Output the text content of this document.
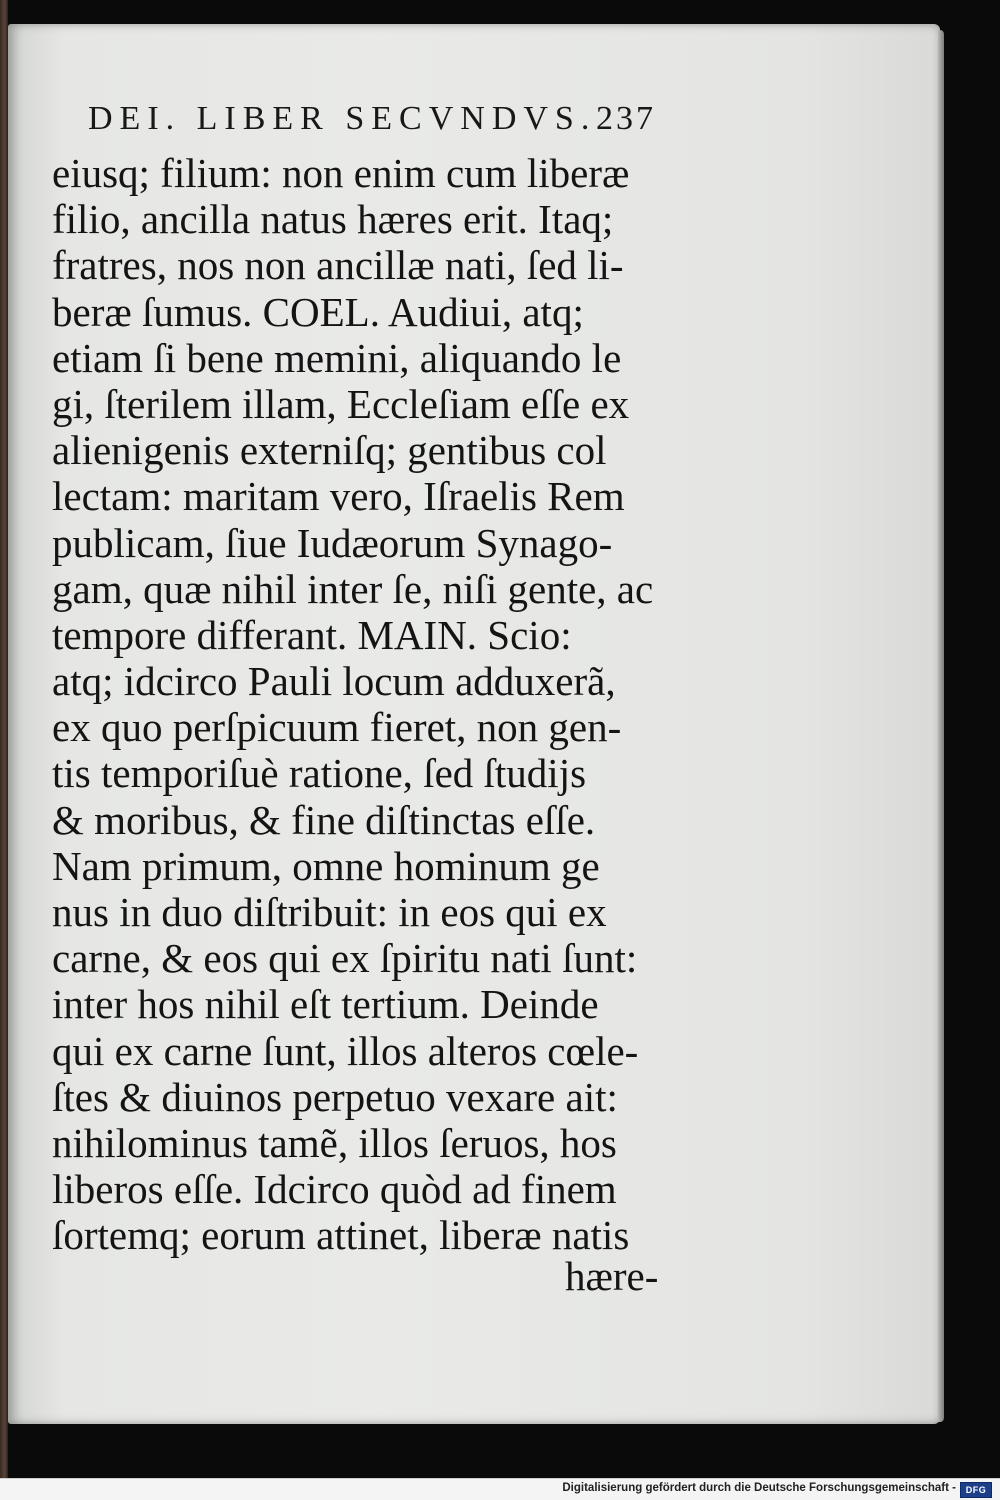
DEI. LIBER SECVNDVS. 237
eiusq; filium: non enim cum liberæ
filio, ancilla natus hæres erit. Itaq;
fratres, nos non ancillæ nati, ſed li-
beræ ſumus. COEL. Audiui, atq;
etiam ſi bene memini, aliquando le
gi, ſterilem illam, Eccleſiam eſſe ex
alienigenis externiſq; gentibus col
lectam: maritam vero, Iſraelis Rem
publicam, ſiue Iudæorum Synago-
gam, quæ nihil inter ſe, niſi gente, ac
tempore differant. MAIN. Scio:
atq; idcirco Pauli locum adduxerã,
ex quo perſpicuum fieret, non gen-
tis temporiſuè ratione, ſed ſtudijs
& moribus, & fine diſtinctas eſſe.
Nam primum, omne hominum ge
nus in duo diſtribuit: in eos qui ex
carne, & eos qui ex ſpiritu nati ſunt:
inter hos nihil eſt tertium. Deinde
qui ex carne ſunt, illos alteros cœle-
ſtes & diuinos perpetuo vexare ait:
nihilominus tamẽ, illos ſeruos, hos
liberos eſſe. Idcirco quòd ad finem
ſortemq; eorum attinet, liberæ natis
hære-
Digitalisierung gefördert durch die Deutsche Forschungsgemeinschaft -	DFG
